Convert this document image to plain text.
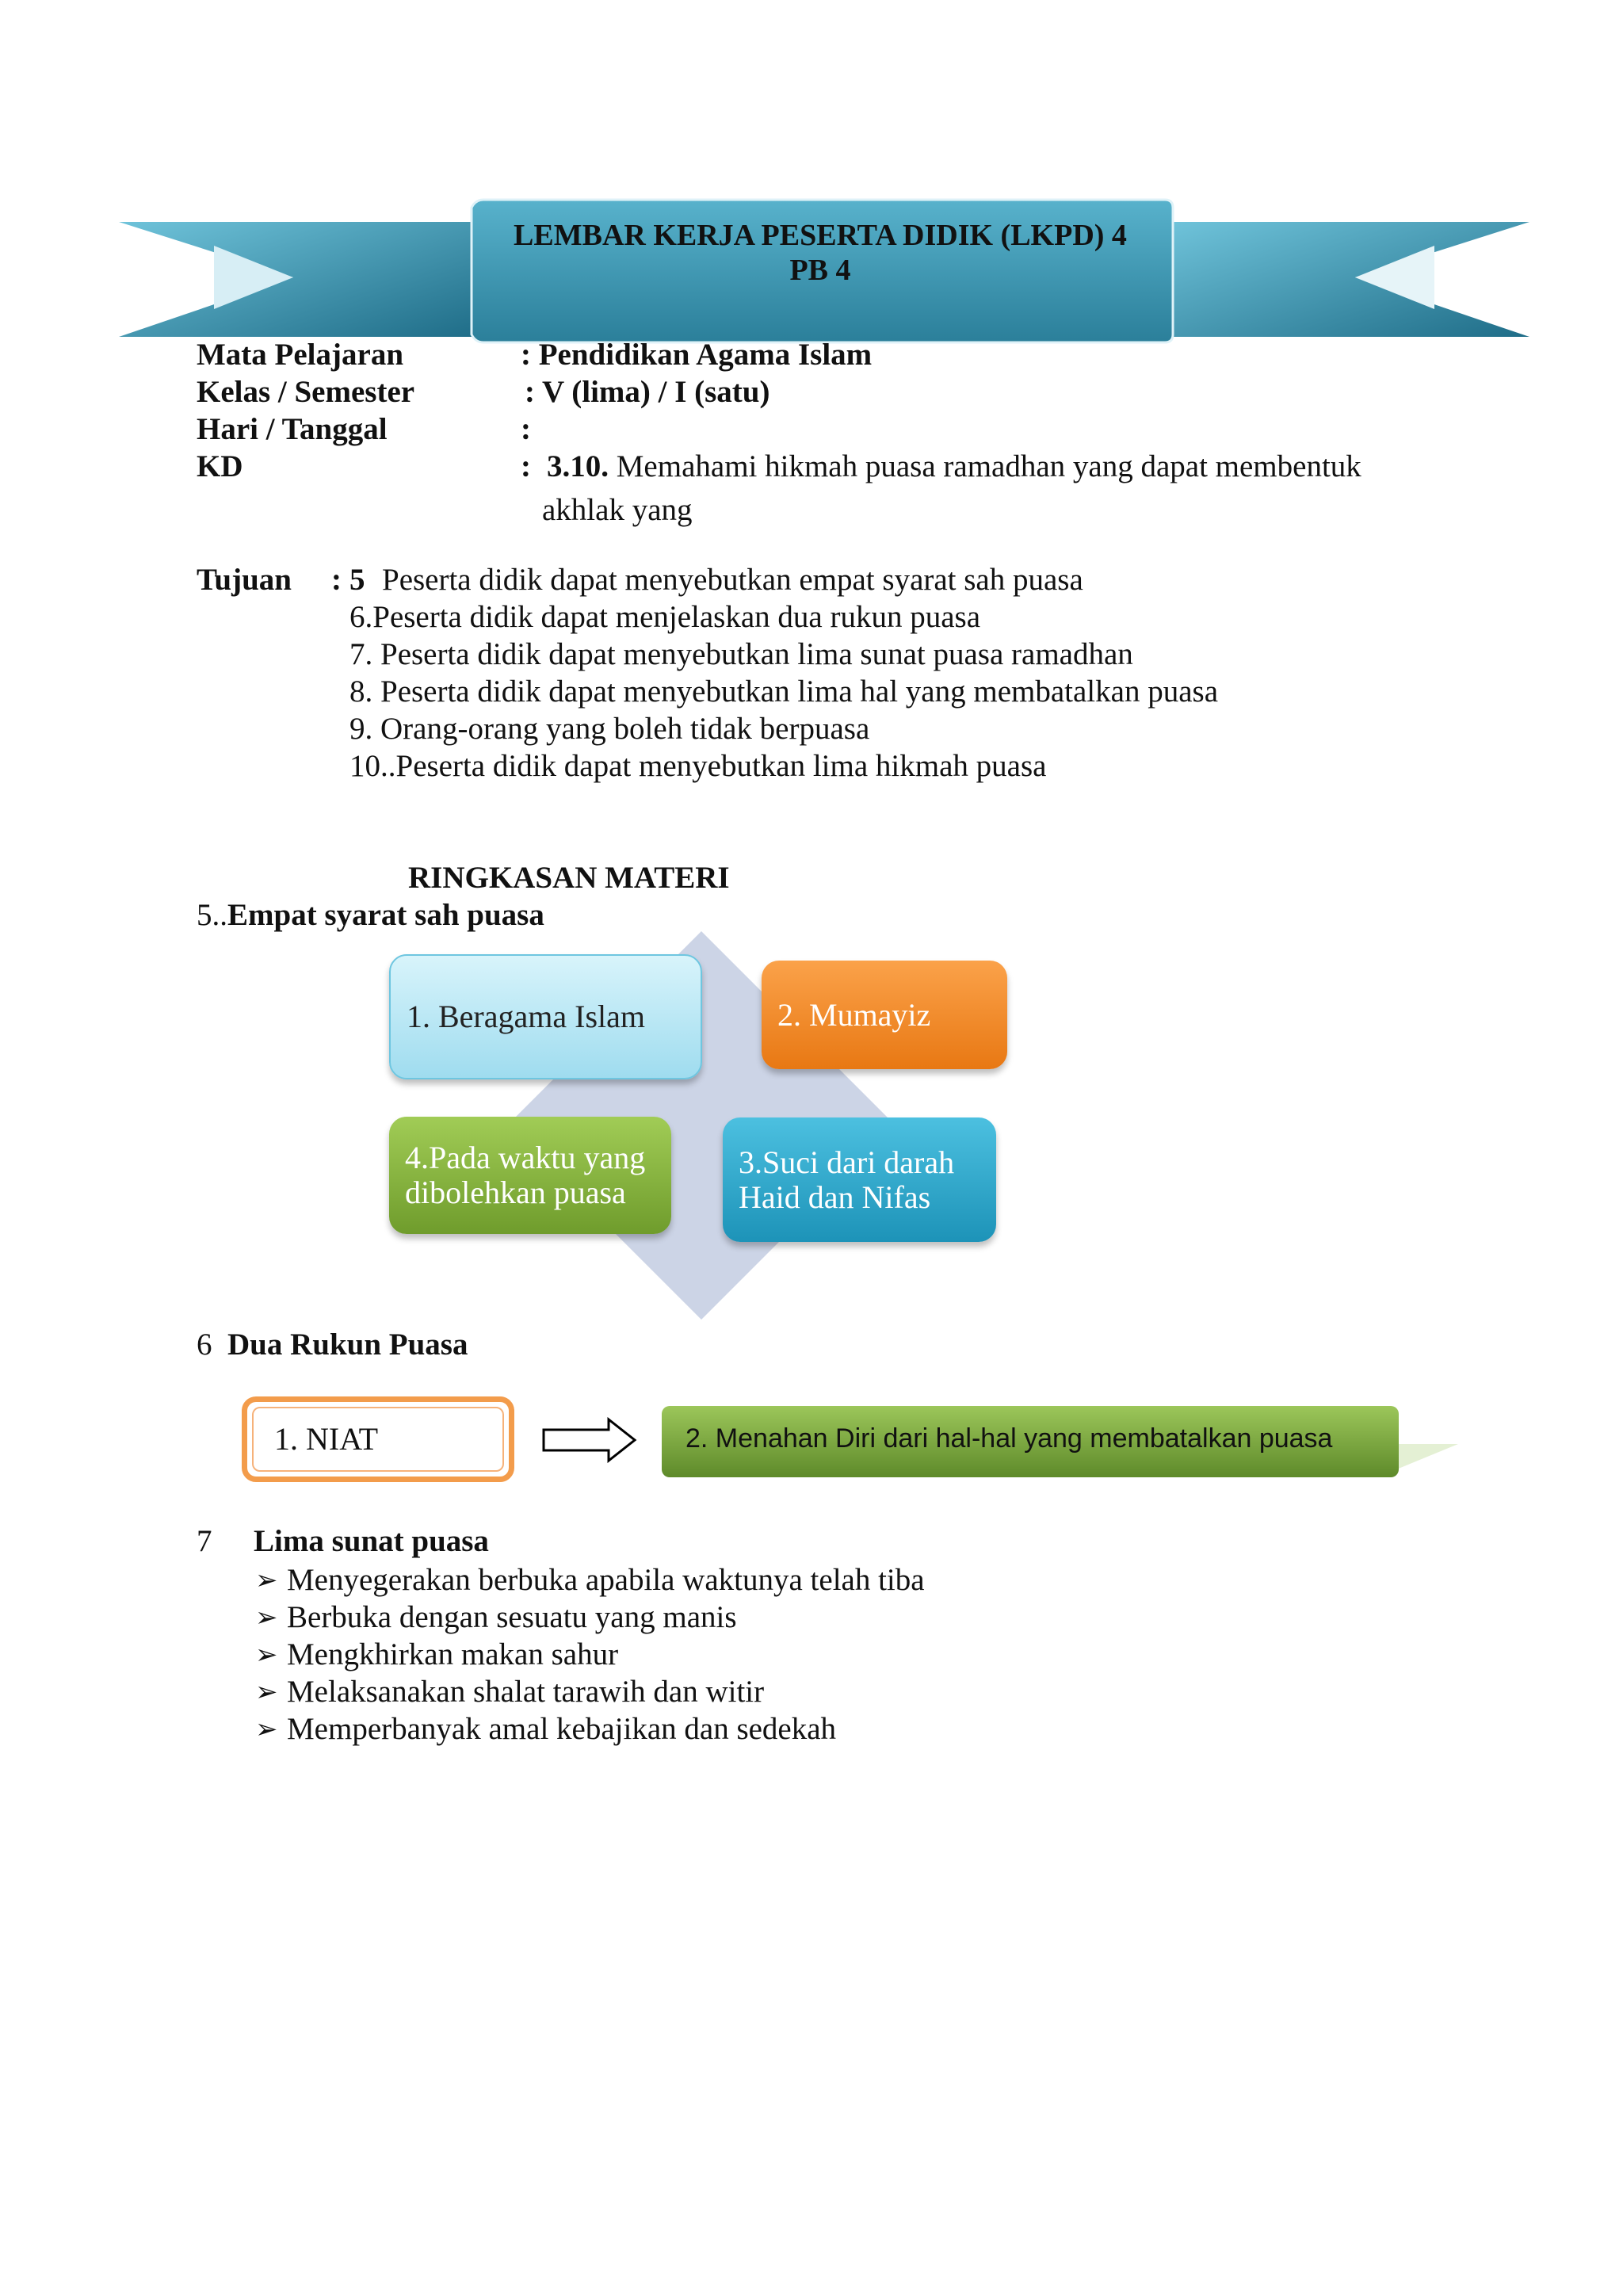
LEMBAR KERJA PESERTA DIDIK (LKPD) 4
PB 4
Mata Pelajaran	: Pendidikan Agama Islam
Kelas / Semester	: V (lima) / I (satu)
Hari / Tanggal	:
KD	: 3.10. Memahami hikmah puasa ramadhan yang dapat membentuk
akhlak yang
Tujuan : 5 Peserta didik dapat menyebutkan empat syarat sah puasa
6.Peserta didik dapat menjelaskan dua rukun puasa
7. Peserta didik dapat menyebutkan lima sunat puasa ramadhan
8. Peserta didik dapat menyebutkan lima hal yang membatalkan puasa
9. Orang-orang yang boleh tidak berpuasa
10..Peserta didik dapat menyebutkan lima hikmah puasa
RINGKASAN MATERI
5..Empat syarat sah puasa
1. Beragama Islam	2. Mumayiz
4.Pada waktu yang dibolehkan puasa
3.Suci dari darah Haid dan Nifas
6 Dua Rukun Puasa
1. NIAT	2. Menahan Diri dari hal-hal yang membatalkan puasa
7 Lima sunat puasa
➢ Menyegerakan berbuka apabila waktunya telah tiba
➢ Berbuka dengan sesuatu yang manis
➢ Mengkhirkan makan sahur
➢ Melaksanakan shalat tarawih dan witir
➢ Memperbanyak amal kebajikan dan sedekah
